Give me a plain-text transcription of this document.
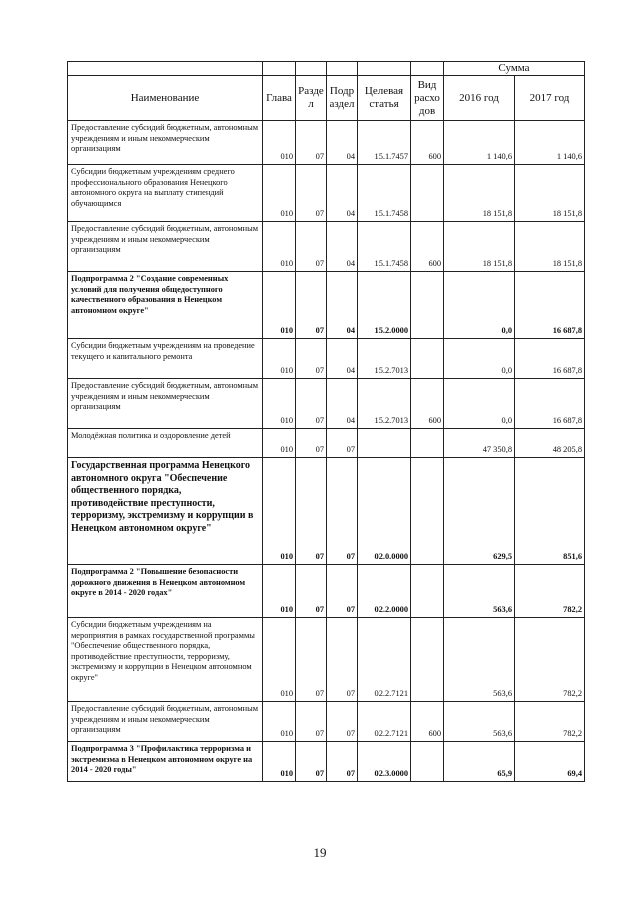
						Сумма	
Наименование	Глава	Разде л	Подр аздел	Целевая статья	Вид расхо дов	2016 год	2017 год
Предоставление субсидий бюджетным, автономным учреждениям и иным некоммерческим организациям	010	07	04	15.1.7457	600	1 140,6	1 140,6
Субсидии бюджетным учреждениям среднего профессионального образования Ненецкого автономного округа на выплату стипендий обучающимся	010	07	04	15.1.7458		18 151,8	18 151,8
Предоставление субсидий бюджетным, автономным учреждениям и иным некоммерческим организациям	010	07	04	15.1.7458	600	18 151,8	18 151,8
Подпрограмма 2 "Создание современных условий для получения общедоступного качественного образования в Ненецком автономном округе"	010	07	04	15.2.0000		0,0	16 687,8
Субсидии бюджетным учреждениям на проведение текущего и капитального ремонта	010	07	04	15.2.7013		0,0	16 687,8
Предоставление субсидий бюджетным, автономным учреждениям и иным некоммерческим организациям	010	07	04	15.2.7013	600	0,0	16 687,8
Молодёжная политика и оздоровление детей	010	07	07			47 350,8	48 205,8
Государственная программа Ненецкого автономного округа "Обеспечение общественного порядка, противодействие преступности, терроризму, экстремизму и коррупции в Ненецком автономном округе"	010	07	07	02.0.0000		629,5	851,6
Подпрограмма 2 "Повышение безопасности дорожного движения в Ненецком автономном округе в 2014 - 2020 годах"	010	07	07	02.2.0000		563,6	782,2
Субсидии бюджетным учреждениям на мероприятия в рамках государственной программы "Обеспечение общественного порядка, противодействие преступности, терроризму, экстремизму и коррупции в Ненецком автономном округе"	010	07	07	02.2.7121		563,6	782,2
Предоставление субсидий бюджетным, автономным учреждениям и иным некоммерческим организациям	010	07	07	02.2.7121	600	563,6	782,2
Подпрограмма 3 "Профилактика терроризма и экстремизма в Ненецком автономном округе на 2014 - 2020 годы"	010	07	07	02.3.0000		65,9	69,4
19
